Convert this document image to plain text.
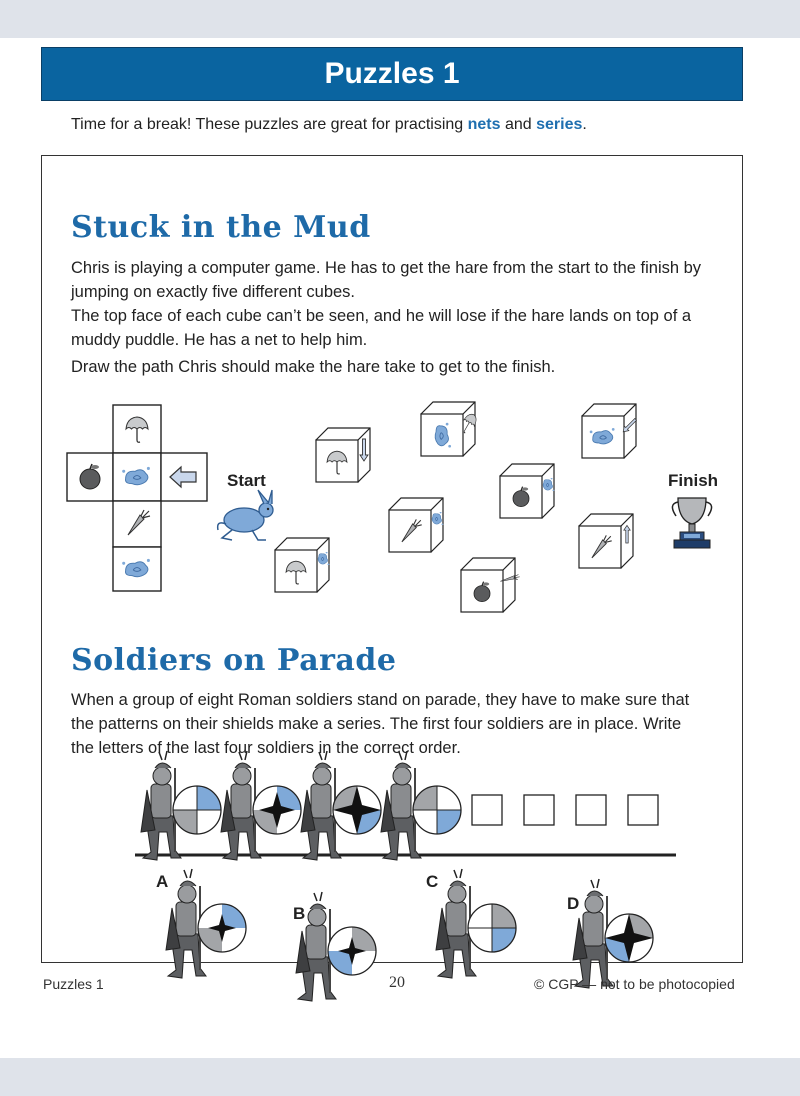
Puzzles 1
Time for a break! These puzzles are great for practising nets and series.
Stuck in the Mud

Chris is playing a computer game. He has to get the hare from the start to the finish by jumping on exactly five different cubes.

The top face of each cube can’t be seen, and he will lose if the hare lands on top of a muddy puddle. He has a net to help him.

Draw the path Chris should make the hare take to get to the finish.

Start	Finish
Soldiers on Parade
When a group of eight Roman soldiers stand on parade, they have to make sure that the patterns on their shields make a series. The first four soldiers are in place. Write the letters of the last four soldiers in the correct order.
A
B
C
D
Puzzles 1	20	© CGP — not to be photocopied
